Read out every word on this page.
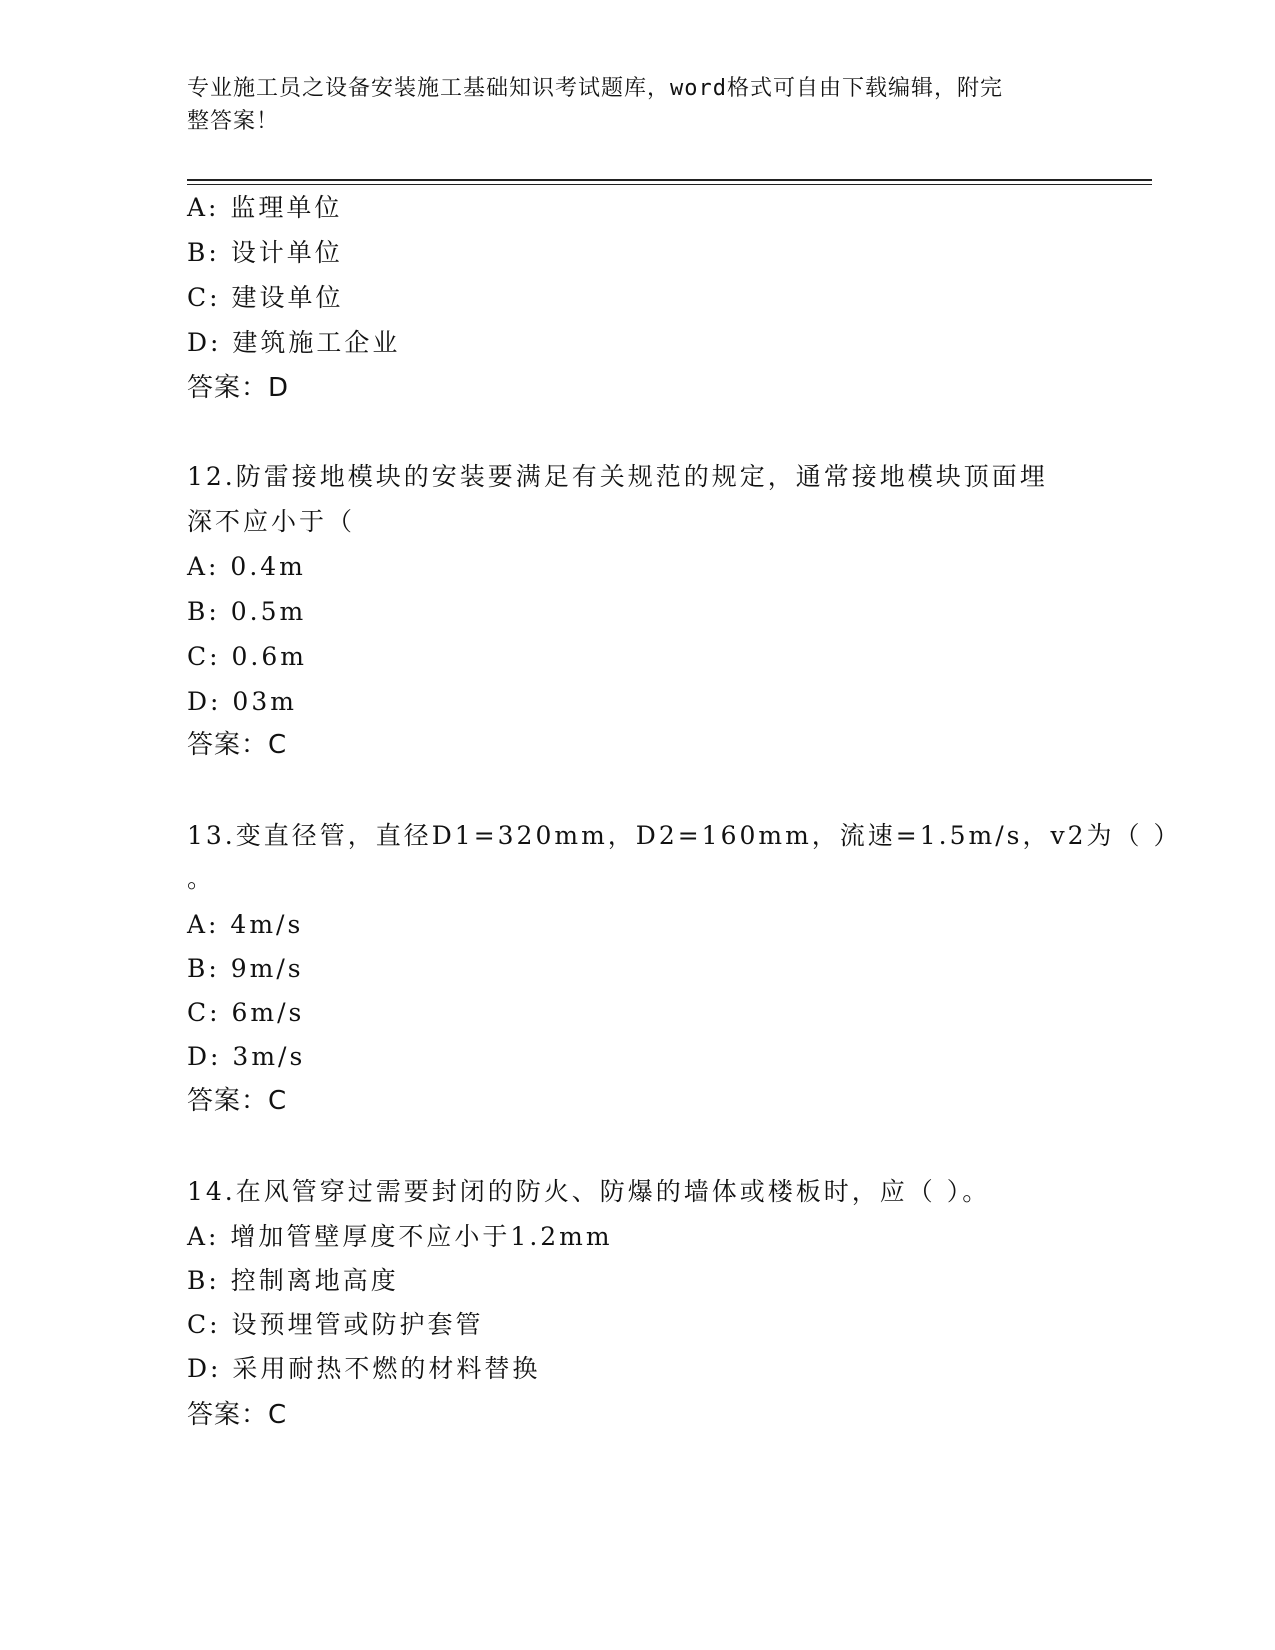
专业施工员之设备安装施工基础知识考试题库，word格式可自由下载编辑，附完
整答案！
A: 监理单位
B: 设计单位
C: 建设单位
D: 建筑施工企业
答案：D
12.防雷接地模块的安装要满足有关规范的规定，通常接地模块顶面埋
深不应小于（
A: 0.4m
B: 0.5m
C: 0.6m
D: 03m
答案：C
13.变直径管，直径D1=320mm，D2=160mm，流速=1.5m/s，v2为（ ）
。
A: 4m/s
B: 9m/s
C: 6m/s
D: 3m/s
答案：C
14.在风管穿过需要封闭的防火、防爆的墙体或楼板时，应（ ）。
A: 增加管壁厚度不应小于1.2mm
B: 控制离地高度
C: 设预埋管或防护套管
D: 采用耐热不燃的材料替换
答案：C
